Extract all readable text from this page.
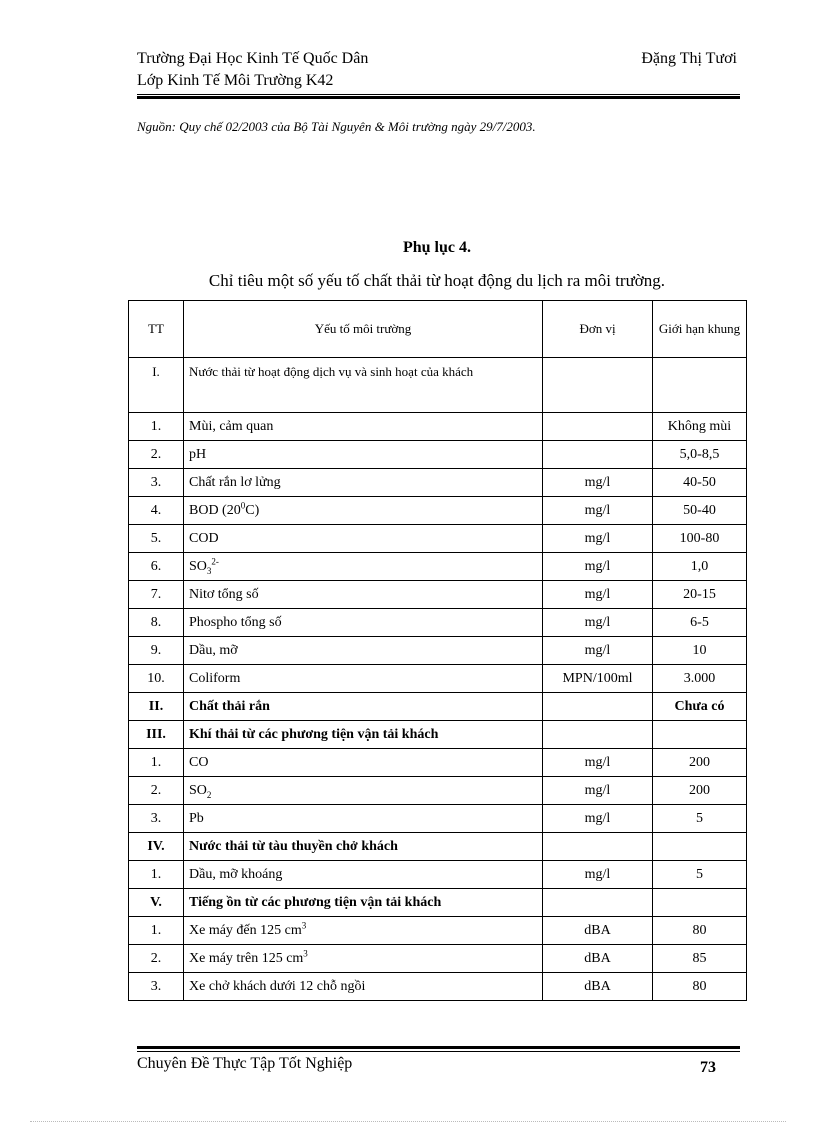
Trường Đại Học Kinh Tế Quốc Dân
Lớp Kinh Tế Môi Trường K42
Đặng Thị Tươi
Nguồn: Quy chế 02/2003 của Bộ Tài Nguyên & Môi trường ngày 29/7/2003.
Phụ lục 4.
Chỉ tiêu một số yếu tố chất thải từ hoạt động du lịch ra môi trường.
TT	Yếu tố môi trường	Đơn vị	Giới hạn khung
I.	Nước thải từ hoạt động dịch vụ và sinh hoạt của khách		
1.	Mùi, cảm quan		Không mùi
2.	pH		5,0-8,5
3.	Chất rắn lơ lửng	mg/l	40-50
4.	BOD $(20^0C)$	mg/l	50-40
5.	COD	mg/l	100-80
6.	$SO_3^{2-}$	mg/l	1,0
7.	Nitơ tổng số	mg/l	20-15
8.	Phospho tổng số	mg/l	6-5
9.	Dầu, mỡ	mg/l	10
10.	Coliform	MPN/100ml	3.000
II.	Chất thải rắn		Chưa có
III.	Khí thải từ các phương tiện vận tải khách		
1.	CO	mg/l	200
2.	$SO_2$	mg/l	200
3.	Pb	mg/l	5
IV.	Nước thải từ tàu thuyền chở khách		
1.	Dầu, mỡ khoáng	mg/l	5
V.	Tiếng ồn từ các phương tiện vận tải khách		
1.	Xe máy đến 125 $cm^3$	dBA	80
2.	Xe máy trên 125 $cm^3$	dBA	85
3.	Xe chở khách dưới 12 chỗ ngồi	dBA	80
Chuyên Đề Thực Tập Tốt Nghiệp	73
